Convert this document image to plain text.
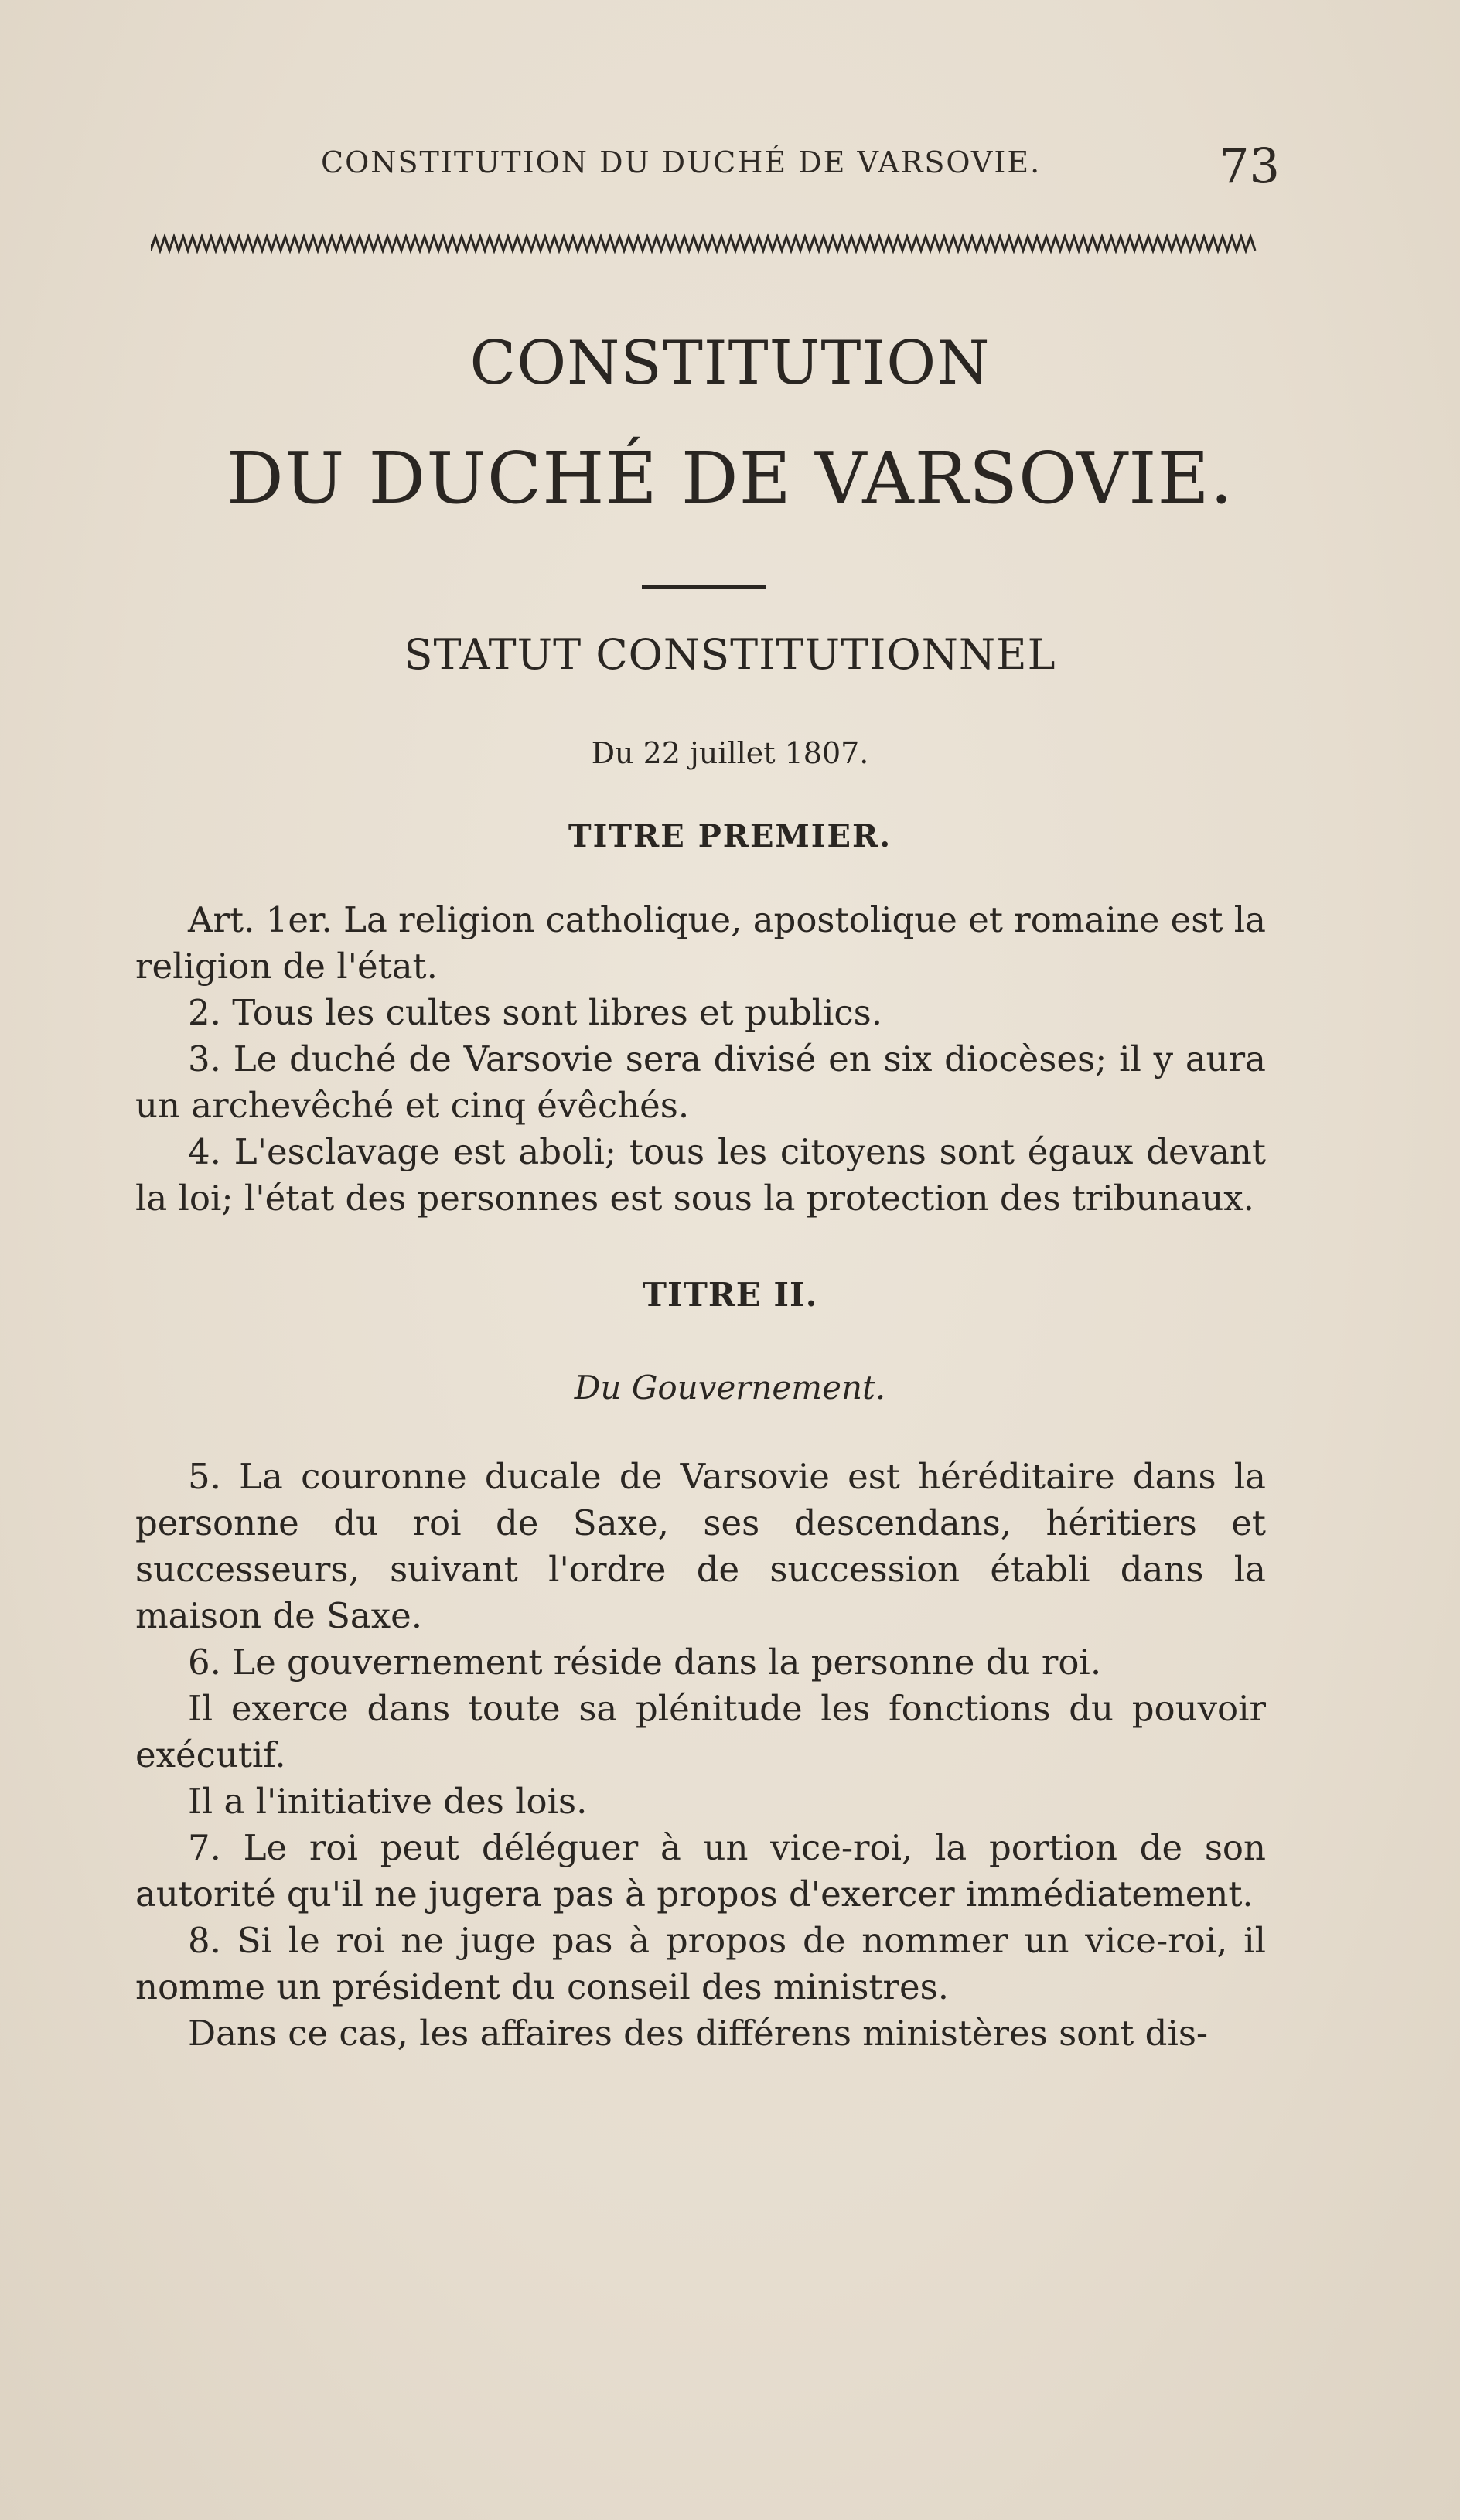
CONSTITUTION DU DUCHÉ DE VARSOVIE.	73
CONSTITUTION
DU DUCHÉ DE VARSOVIE.
STATUT CONSTITUTIONNEL
Du 22 juillet 1807.
TITRE PREMIER.

Art. 1er. La religion catholique, apostolique et romaine est la religion de l'état.

2. Tous les cultes sont libres et publics.

3. Le duché de Varsovie sera divisé en six diocèses; il y aura un archevêché et cinq évêchés.

4. L'esclavage est aboli; tous les citoyens sont égaux devant la loi; l'état des personnes est sous la protection des tribunaux.

TITRE II.
Du Gouvernement.

5. La couronne ducale de Varsovie est héréditaire dans la personne du roi de Saxe, ses descendans, héritiers et successeurs, suivant l'ordre de succession établi dans la maison de Saxe.

6. Le gouvernement réside dans la personne du roi.

Il exerce dans toute sa plénitude les fonctions du pouvoir exécutif.

Il a l'initiative des lois.

7. Le roi peut déléguer à un vice-roi, la portion de son autorité qu'il ne jugera pas à propos d'exercer immédiatement.

8. Si le roi ne juge pas à propos de nommer un vice-roi, il nomme un président du conseil des ministres.

Dans ce cas, les affaires des différens ministères sont dis-
